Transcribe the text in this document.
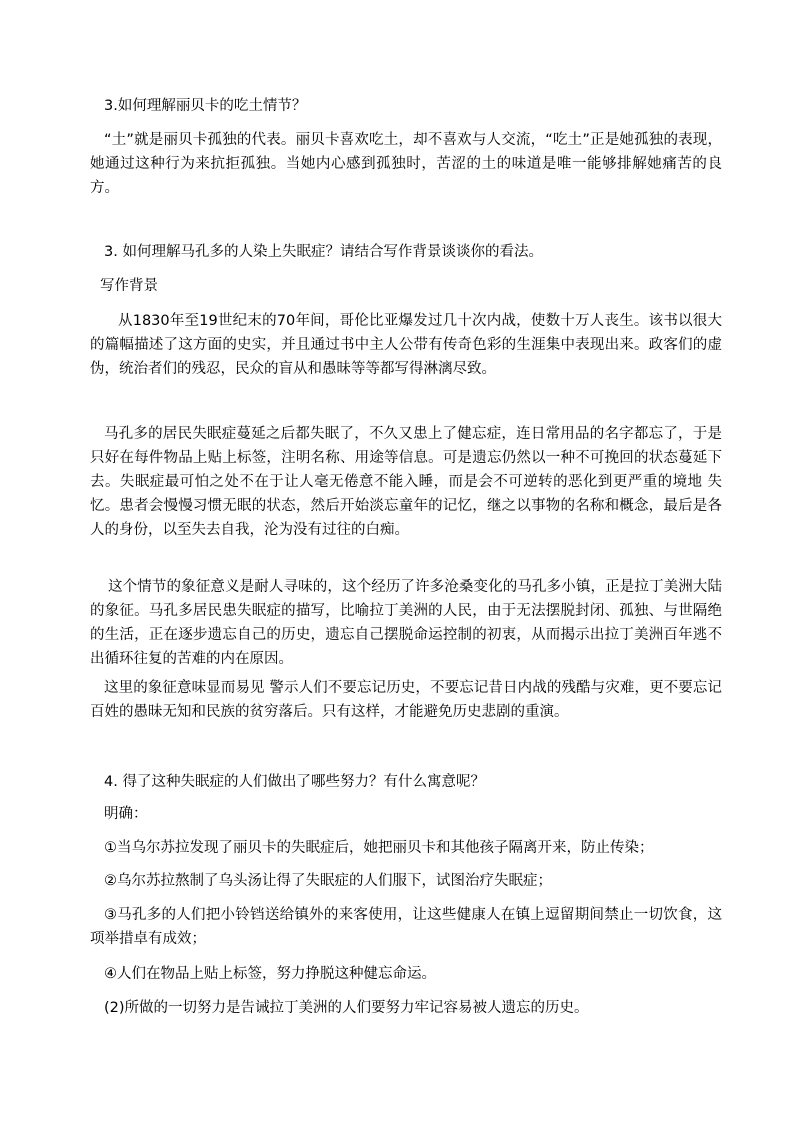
3.如何理解丽贝卡的吃土情节？

“土”就是丽贝卡孤独的代表。丽贝卡喜欢吃土，却不喜欢与人交流，“吃土”正是她孤独的表现，她通过这种行为来抗拒孤独。当她内心感到孤独时，苦涩的土的味道是唯一能够排解她痛苦的良方。

3. 如何理解马孔多的人染上失眠症？请结合写作背景谈谈你的看法。

写作背景

从1830年至19世纪末的70年间，哥伦比亚爆发过几十次内战，使数十万人丧生。该书以很大的篇幅描述了这方面的史实，并且通过书中主人公带有传奇色彩的生涯集中表现出来。政客们的虚伪，统治者们的残忍，民众的盲从和愚昧等等都写得淋漓尽致。

马孔多的居民失眠症蔓延之后都失眠了，不久又患上了健忘症，连日常用品的名字都忘了，于是只好在每件物品上贴上标签，注明名称、用途等信息。可是遗忘仍然以一种不可挽回的状态蔓延下去。失眠症最可怕之处不在于让人毫无倦意不能入睡，而是会不可逆转的恶化到更严重的境地 失忆。患者会慢慢习惯无眠的状态，然后开始淡忘童年的记忆，继之以事物的名称和概念，最后是各人的身份，以至失去自我，沦为没有过往的白痴。

这个情节的象征意义是耐人寻味的，这个经历了许多沧桑变化的马孔多小镇，正是拉丁美洲大陆的象征。马孔多居民患失眠症的描写，比喻拉丁美洲的人民，由于无法摆脱封闭、孤独、与世隔绝的生活，正在逐步遗忘自己的历史，遗忘自己摆脱命运控制的初衷，从而揭示出拉丁美洲百年逃不出循环往复的苦难的内在原因。

这里的象征意味显而易见 警示人们不要忘记历史，不要忘记昔日内战的残酷与灾难，更不要忘记百姓的愚昧无知和民族的贫穷落后。只有这样，才能避免历史悲剧的重演。

4. 得了这种失眠症的人们做出了哪些努力？有什么寓意呢？

明确：

①当乌尔苏拉发现了丽贝卡的失眠症后，她把丽贝卡和其他孩子隔离开来，防止传染；

②乌尔苏拉熬制了乌头汤让得了失眠症的人们服下，试图治疗失眠症；

③马孔多的人们把小铃铛送给镇外的来客使用，让这些健康人在镇上逗留期间禁止一切饮食，这项举措卓有成效；

④人们在物品上贴上标签，努力挣脱这种健忘命运。

(2)所做的一切努力是告诫拉丁美洲的人们要努力牢记容易被人遗忘的历史。
